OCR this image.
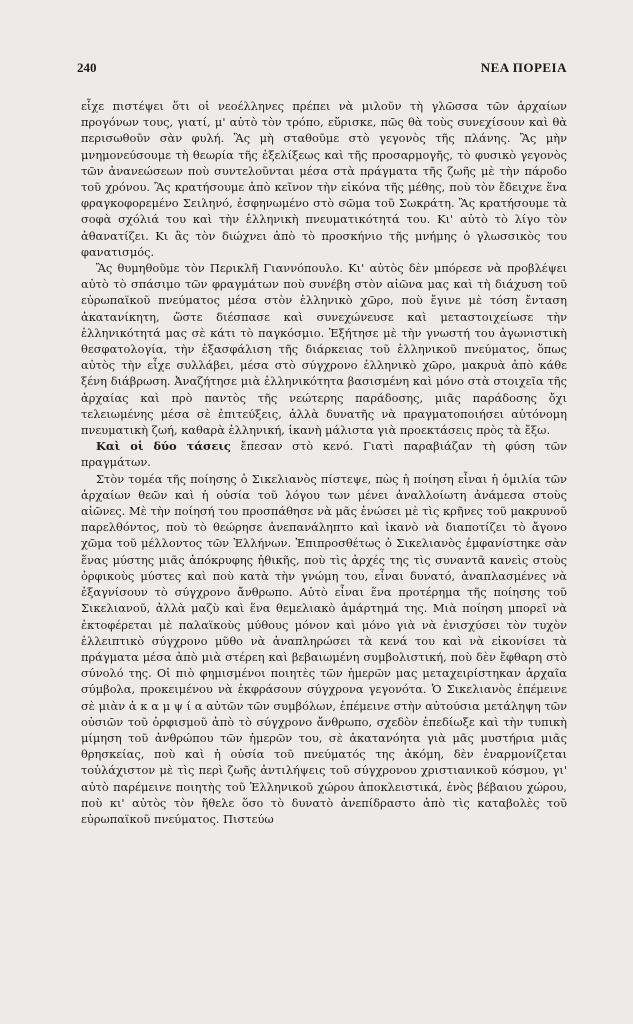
240	ΝΕΑ ΠΟΡΕΙΑ

εἶχε πιστέψει ὅτι οἱ νεοέλληνες πρέπει νὰ μιλοῦν τὴ γλῶσσα τῶν ἀρχαίων προγόνων τους, γιατί, μ' αὐτὸ τὸν τρόπο, εὕρισκε, πῶς θὰ τοὺς συνεχίσουν καὶ θὰ περισωθοῦν σὰν φυλή. Ἂς μὴ σταθοῦμε στὸ γεγονὸς τῆς πλάνης. Ἂς μὴν μνημονεύσουμε τὴ θεωρία τῆς ἐξελίξεως καὶ τῆς προσαρμογῆς, τὸ φυσικὸ γεγονὸς τῶν ἀνανεώσεων ποὺ συντελοῦνται μέσα στὰ πράγματα τῆς ζωῆς μὲ τὴν πάροδο τοῦ χρόνου. Ἂς κρατήσουμε ἀπὸ κεῖνον τὴν εἰκόνα τῆς μέθης, ποὺ τὸν ἔδειχνε ἕνα φραγκοφορεμένο Σειληνό, ἐσφηνωμένο στὸ σῶμα τοῦ Σωκράτη. Ἂς κρατήσουμε τὰ σοφὰ σχόλιά του καὶ τὴν ἑλληνικὴ πνευματικότητά του. Κι' αὐτὸ τὸ λίγο τὸν ἀθανατίζει. Κι ἂς τὸν διώχνει ἀπὸ τὸ προσκήνιο τῆς μνήμης ὁ γλωσσικὸς του φανατισμός.

Ἂς θυμηθοῦμε τὸν Περικλῆ Γιαννόπουλο. Κι' αὐτὸς δὲν μπόρεσε νὰ προβλέψει αὐτὸ τὸ σπάσιμο τῶν φραγμάτων ποὺ συνέβη στὸν αἰῶνα μας καὶ τὴ διάχυση τοῦ εὐρωπαϊκοῦ πνεύματος μέσα στὸν ἑλληνικὸ χῶρο, ποὺ ἔγινε μὲ τόση ἔνταση ἀκατανίκητη, ὥστε διέσπασε καὶ συνεχώνευσε καὶ μεταστοιχείωσε τὴν ἑλληνικότητά μας σὲ κάτι τὸ παγκόσμιο. Ἐξήτησε μὲ τὴν γνωστή του ἀγωνιστικὴ θεσφατολογία, τὴν ἐξασφάλιση τῆς διάρκειας τοῦ ἑλληνικοῦ πνεύματος, ὅπως αὐτὸς τὴν εἶχε συλλάβει, μέσα στὸ σύγχρονο ἑλληνικὸ χῶρο, μακρυὰ ἀπὸ κάθε ξένη διάβρωση. Ἀναζήτησε μιὰ ἑλληνικότητα βασισμένη καὶ μόνο στὰ στοιχεῖα τῆς ἀρχαίας καὶ πρὸ παντὸς τῆς νεώτερης παράδοσης, μιᾶς παράδοσης ὄχι τελειωμένης μέσα σὲ ἐπιτεύξεις, ἀλλὰ δυνατῆς νὰ πραγματοποιήσει αὐτόνομη πνευματικὴ ζωή, καθαρὰ ἑλληνική, ἱκανὴ μάλιστα γιὰ προεκτάσεις πρὸς τὰ ἔξω.

Καὶ οἱ δύο τάσεις ἔπεσαν στὸ κενό. Γιατὶ παραβιάζαν τὴ φύση τῶν πραγμάτων.

Στὸν τομέα τῆς ποίησης ὁ Σικελιανὸς πίστεψε, πὼς ἡ ποίηση εἶναι ἡ ὁμιλία τῶν ἀρχαίων θεῶν καὶ ἡ οὐσία τοῦ λόγου των μένει ἀναλλοίωτη ἀνάμεσα στοὺς αἰῶνες. Μὲ τὴν ποίησή του προσπάθησε νὰ μᾶς ἑνώσει μὲ τὶς κρῆνες τοῦ μακρυνοῦ παρελθόντος, ποὺ τὸ θεώρησε ἀνεπανάληπτο καὶ ἱκανὸ νὰ διαποτίζει τὸ ἄγονο χῶμα τοῦ μέλλοντος τῶν Ἑλλήνων. Ἐπιπροσθέτως ὁ Σικελιανὸς ἐμφανίστηκε σὰν ἕνας μύστης μιᾶς ἀπόκρυφης ἠθικῆς, ποὺ τὶς ἀρχές της τὶς συναντᾶ κανεὶς στοὺς ὀρφικοὺς μύστες καὶ ποὺ κατὰ τὴν γνώμη του, εἶναι δυνατό, ἀναπλασμένες νὰ ἐξαγνίσουν τὸ σύγχρονο ἄνθρωπο. Αὐτὸ εἶναι ἕνα προτέρημα τῆς ποίησης τοῦ Σικελιανοῦ, ἀλλὰ μαζὺ καὶ ἕνα θεμελιακὸ ἁμάρτημά της. Μιὰ ποίηση μπορεῖ νὰ ἐκτοφέρεται μὲ παλαϊκοὺς μύθους μόνον καὶ μόνο γιὰ νὰ ἐνισχύσει τὸν τυχὸν ἐλλειπτικὸ σύγχρονο μῦθο νὰ ἀναπληρώσει τὰ κενά του καὶ νὰ εἰκονίσει τὰ πράγματα μέσα ἀπὸ μιὰ στέρεη καὶ βεβαιωμένη συμβολιστική, ποὺ δὲν ἔφθαρη στὸ σύνολό της. Οἱ πιὸ φημισμένοι ποιητὲς τῶν ἡμερῶν μας μεταχειρίστηκαν ἀρχαῖα σύμβολα, προκειμένου νὰ ἐκφράσουν σύγχρονα γεγονότα. Ὁ Σικελιανὸς ἐπέμεινε σὲ μιὰν ἀ κ α μ ψ ί α αὐτῶν τῶν συμβόλων, ἐπέμεινε στὴν αὐτούσια μετάληψη τῶν οὐσιῶν τοῦ ὀρφισμοῦ ἀπὸ τὸ σύγχρονο ἄνθρωπο, σχεδὸν ἐπεδίωξε καὶ τὴν τυπικὴ μίμηση τοῦ ἀνθρώπου τῶν ἡμερῶν του, σὲ ἀκατανόητα γιὰ μᾶς μυστήρια μιᾶς θρησκείας, ποὺ καὶ ἡ οὐσία τοῦ πνεύματός της ἀκόμη, δὲν ἐναρμονίζεται τοὐλάχιστον μὲ τὶς περὶ ζωῆς ἀντιλήψεις τοῦ σύγχρονου χριστιανικοῦ κόσμου, γι' αὐτὸ παρέμεινε ποιητὴς τοῦ Ἑλληνικοῦ χώρου ἀποκλειστικά, ἑνὸς βέβαιου χώρου, ποὺ κι' αὐτὸς τὸν ἤθελε ὅσο τὸ δυνατὸ ἀνεπίδραστο ἀπὸ τὶς καταβολὲς τοῦ εὐρωπαϊκοῦ πνεύματος. Πιστεύω
